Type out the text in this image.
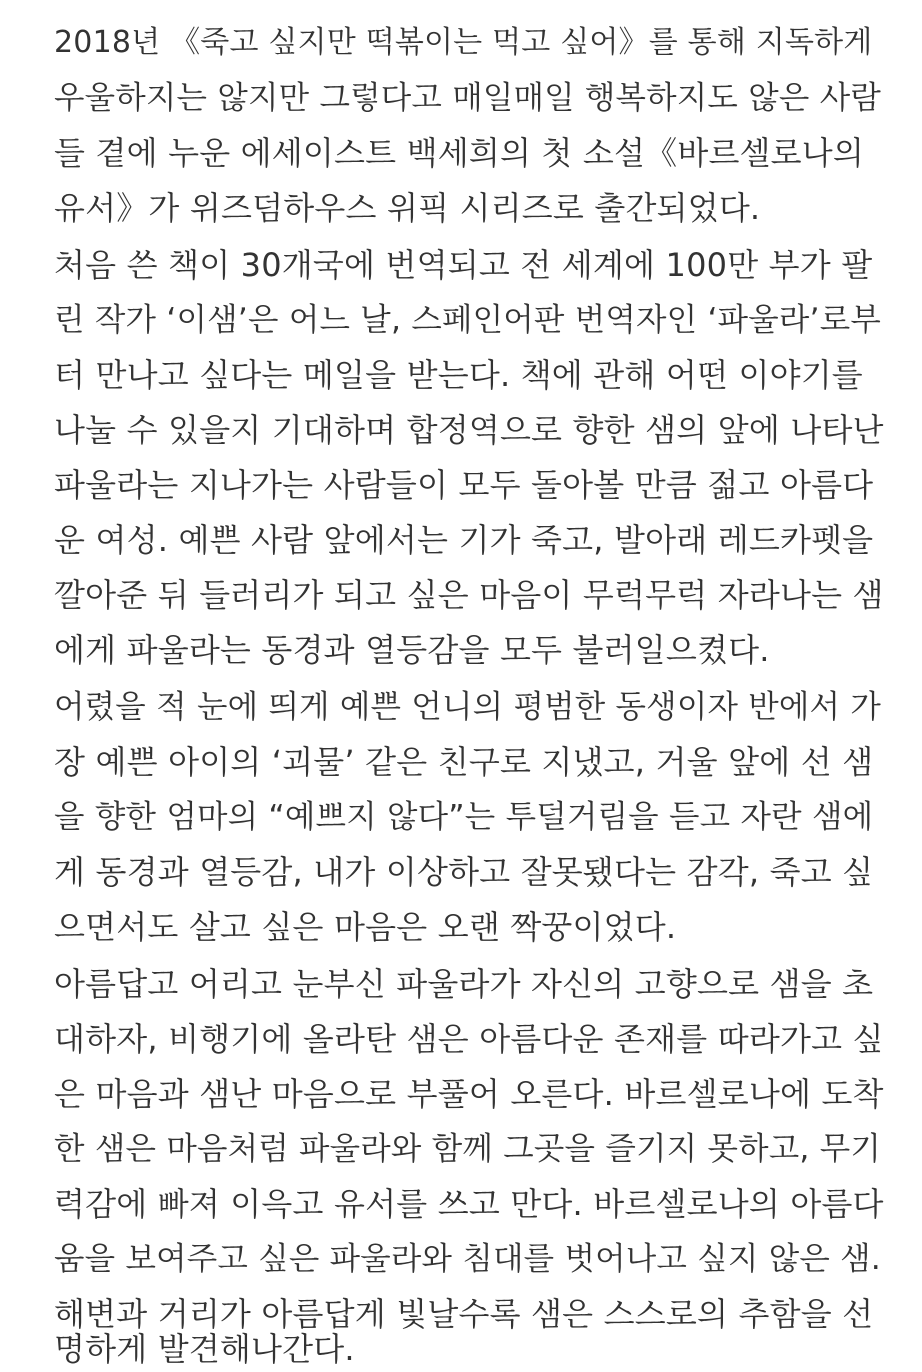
2018년 《죽고 싶지만 떡볶이는 먹고 싶어》를 통해 지독하게
우울하지는 않지만 그렇다고 매일매일 행복하지도 않은 사람
들 곁에 누운 에세이스트 백세희의 첫 소설《바르셀로나의
유서》가 위즈덤하우스 위픽 시리즈로 출간되었다.
처음 쓴 책이 30개국에 번역되고 전 세계에 100만 부가 팔
린 작가 ‘이샘’은 어느 날, 스페인어판 번역자인 ‘파울라’로부
터 만나고 싶다는 메일을 받는다. 책에 관해 어떤 이야기를
나눌 수 있을지 기대하며 합정역으로 향한 샘의 앞에 나타난
파울라는 지나가는 사람들이 모두 돌아볼 만큼 젊고 아름다
운 여성. 예쁜 사람 앞에서는 기가 죽고, 발아래 레드카펫을
깔아준 뒤 들러리가 되고 싶은 마음이 무럭무럭 자라나는 샘
에게 파울라는 동경과 열등감을 모두 불러일으켰다.
어렸을 적 눈에 띄게 예쁜 언니의 평범한 동생이자 반에서 가
장 예쁜 아이의 ‘괴물’ 같은 친구로 지냈고, 거울 앞에 선 샘
을 향한 엄마의 “예쁘지 않다”는 투덜거림을 듣고 자란 샘에
게 동경과 열등감, 내가 이상하고 잘못됐다는 감각, 죽고 싶
으면서도 살고 싶은 마음은 오랜 짝꿍이었다.
아름답고 어리고 눈부신 파울라가 자신의 고향으로 샘을 초
대하자, 비행기에 올라탄 샘은 아름다운 존재를 따라가고 싶
은 마음과 샘난 마음으로 부풀어 오른다. 바르셀로나에 도착
한 샘은 마음처럼 파울라와 함께 그곳을 즐기지 못하고, 무기
력감에 빠져 이윽고 유서를 쓰고 만다. 바르셀로나의 아름다
움을 보여주고 싶은 파울라와 침대를 벗어나고 싶지 않은 샘.
해변과 거리가 아름답게 빛날수록 샘은 스스로의 추함을 선
명하게 발견해나간다.
